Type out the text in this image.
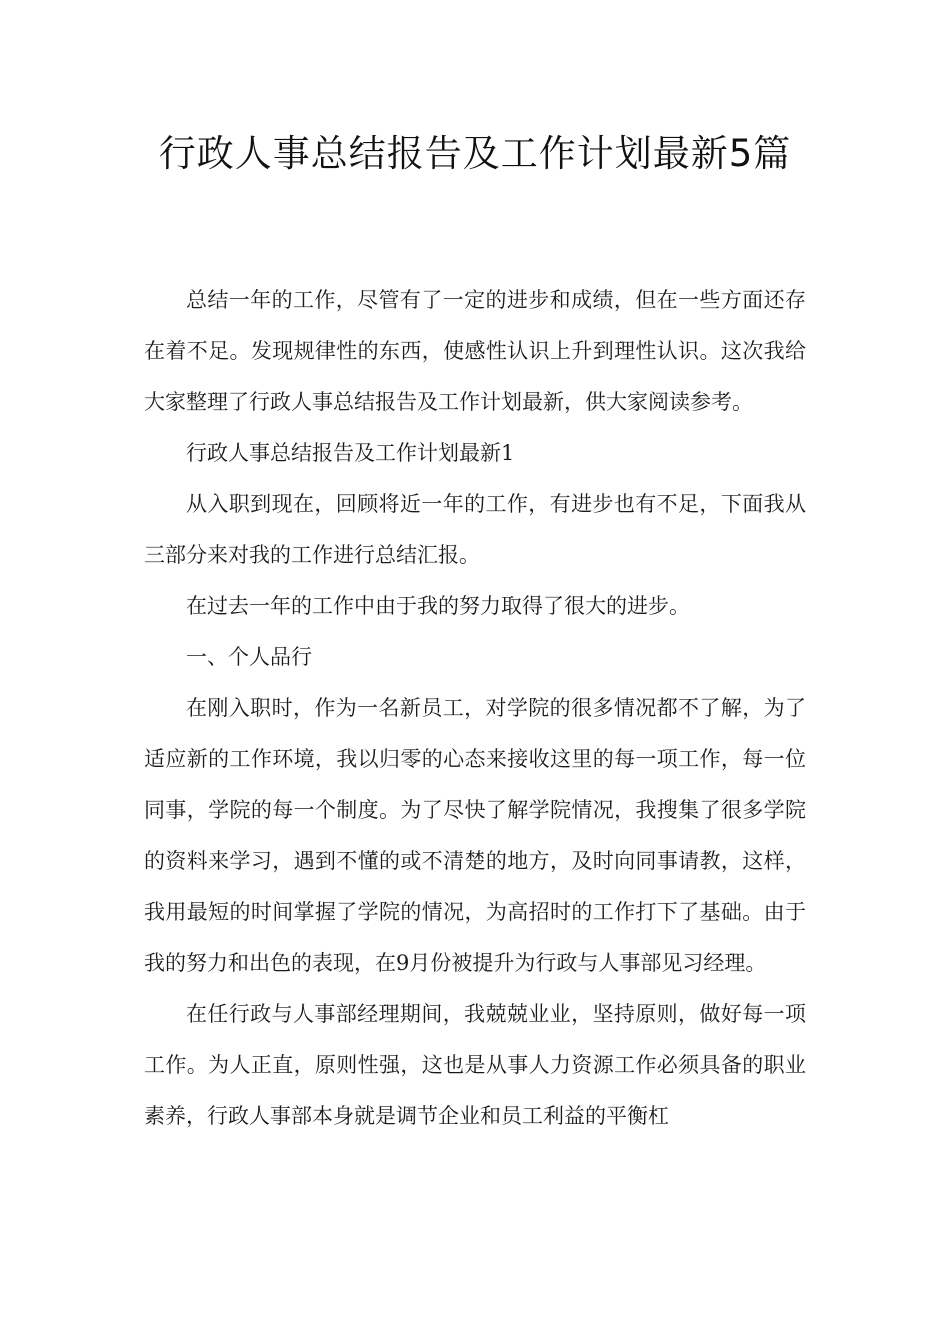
行政人事总结报告及工作计划最新5篇

总结一年的工作，尽管有了一定的进步和成绩，但在一些方面还存在着不足。发现规律性的东西，使感性认识上升到理性认识。这次我给大家整理了行政人事总结报告及工作计划最新，供大家阅读参考。

行政人事总结报告及工作计划最新1

从入职到现在，回顾将近一年的工作，有进步也有不足，下面我从三部分来对我的工作进行总结汇报。

在过去一年的工作中由于我的努力取得了很大的进步。

一、个人品行

在刚入职时，作为一名新员工，对学院的很多情况都不了解，为了适应新的工作环境，我以归零的心态来接收这里的每一项工作，每一位同事，学院的每一个制度。为了尽快了解学院情况，我搜集了很多学院的资料来学习，遇到不懂的或不清楚的地方，及时向同事请教，这样，我用最短的时间掌握了学院的情况，为高招时的工作打下了基础。由于我的努力和出色的表现，在9月份被提升为行政与人事部见习经理。

在任行政与人事部经理期间，我兢兢业业，坚持原则，做好每一项工作。为人正直，原则性强，这也是从事人力资源工作必须具备的职业素养，行政人事部本身就是调节企业和员工利益的平衡杠
